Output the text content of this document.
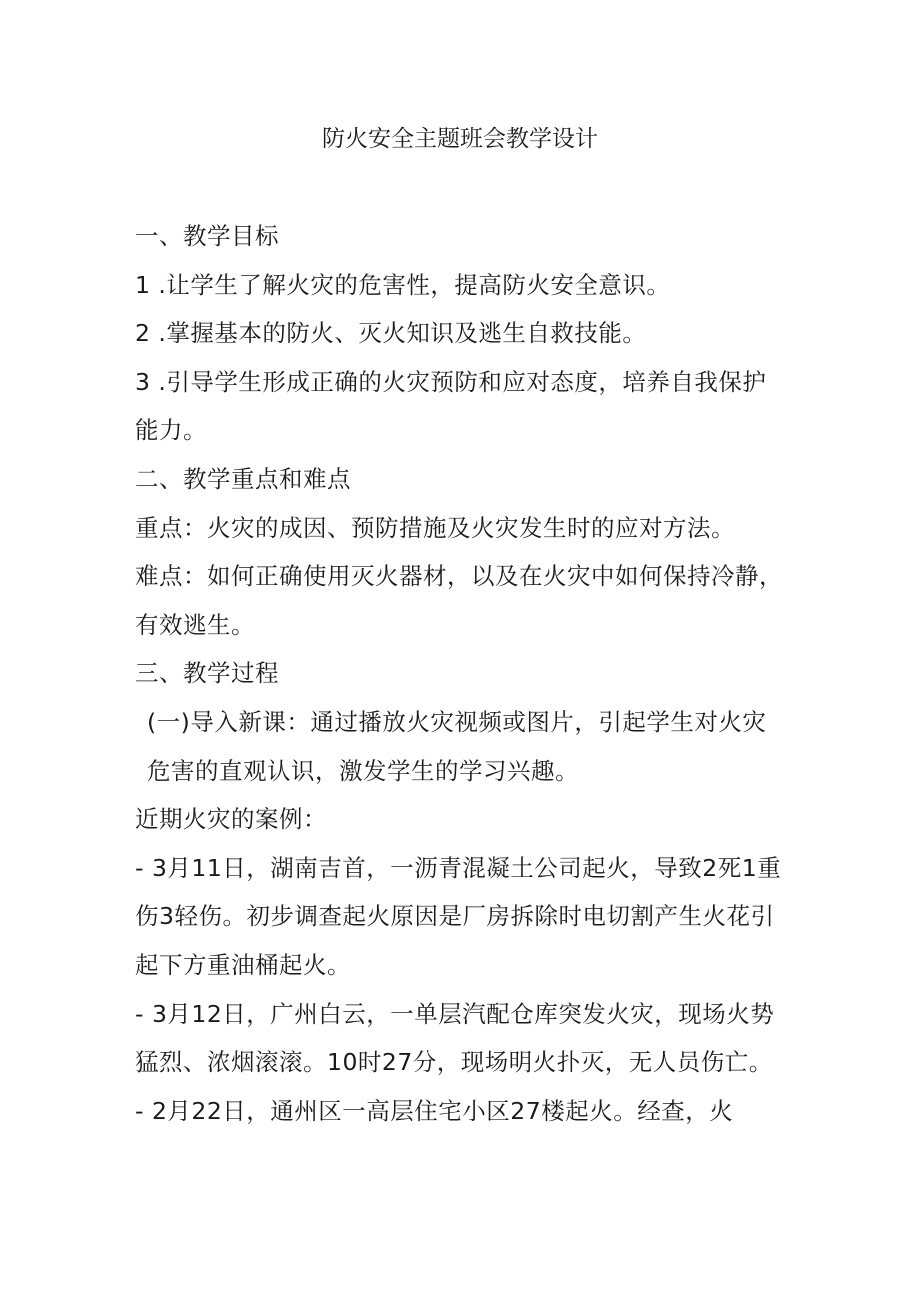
防火安全主题班会教学设计

一、教学目标

1 .让学生了解火灾的危害性，提高防火安全意识。

2 .掌握基本的防火、灭火知识及逃生自救技能。

3 .引导学生形成正确的火灾预防和应对态度，培养自我保护能力。

二、教学重点和难点

重点：火灾的成因、预防措施及火灾发生时的应对方法。

难点：如何正确使用灭火器材，以及在火灾中如何保持冷静，有效逃生。

三、教学过程

(一)导入新课：通过播放火灾视频或图片，引起学生对火灾危害的直观认识，激发学生的学习兴趣。

近期火灾的案例：

- 3月11日，湖南吉首，一沥青混凝土公司起火，导致2死1重伤3轻伤。初步调查起火原因是厂房拆除时电切割产生火花引起下方重油桶起火。

- 3月12日，广州白云，一单层汽配仓库突发火灾，现场火势猛烈、浓烟滚滚。10时27分，现场明火扑灭，无人员伤亡。

- 2月22日，通州区一高层住宅小区27楼起火。经查，火
